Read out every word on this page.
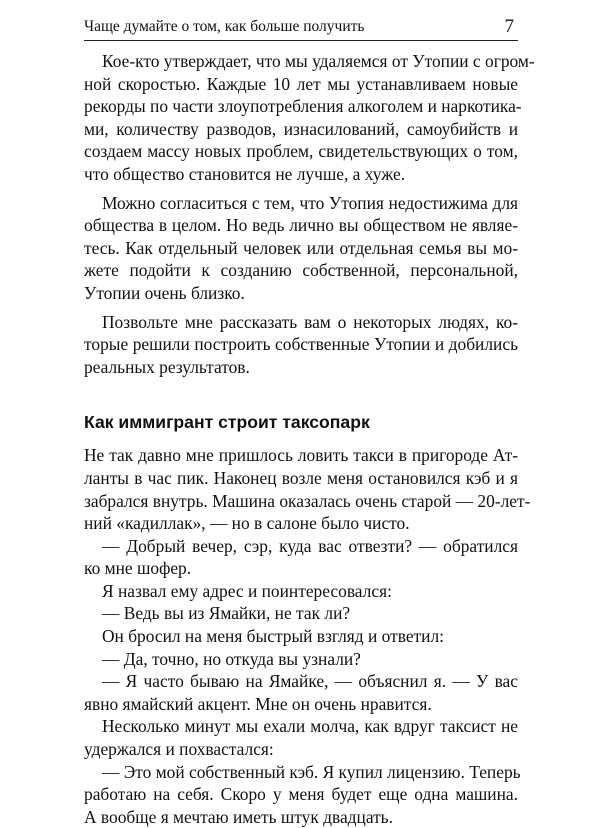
Чаще думайте о том, как больше получить	7
Кое-кто утверждает, что мы удаляемся от Утопии с огром-
ной скоростью. Каждые 10 лет мы устанавливаем новые
рекорды по части злоупотребления алкоголем и наркотика-
ми, количеству разводов, изнасилований, самоубийств и
создаем массу новых проблем, свидетельствующих о том,
что общество становится не лучше, а хуже.
Можно согласиться с тем, что Утопия недостижима для
общества в целом. Но ведь лично вы обществом не являе-
тесь. Как отдельный человек или отдельная семья вы мо-
жете подойти к созданию собственной, персональной,
Утопии очень близко.
Позвольте мне рассказать вам о некоторых людях, ко-
торые решили построить собственные Утопии и добились
реальных результатов.
Как иммигрант строит таксопарк
Не так давно мне пришлось ловить такси в пригороде Ат-
ланты в час пик. Наконец возле меня остановился кэб и я
забрался внутрь. Машина оказалась очень старой — 20-лет-
ний «кадиллак», — но в салоне было чисто.
— Добрый вечер, сэр, куда вас отвезти? — обратился
ко мне шофер.
Я назвал ему адрес и поинтересовался:
— Ведь вы из Ямайки, не так ли?
Он бросил на меня быстрый взгляд и ответил:
— Да, точно, но откуда вы узнали?
— Я часто бываю на Ямайке, — объяснил я. — У вас
явно ямайский акцент. Мне он очень нравится.
Несколько минут мы ехали молча, как вдруг таксист не
удержался и похвастался:
— Это мой собственный кэб. Я купил лицензию. Теперь
работаю на себя. Скоро у меня будет еще одна машина.
А вообще я мечтаю иметь штук двадцать.
